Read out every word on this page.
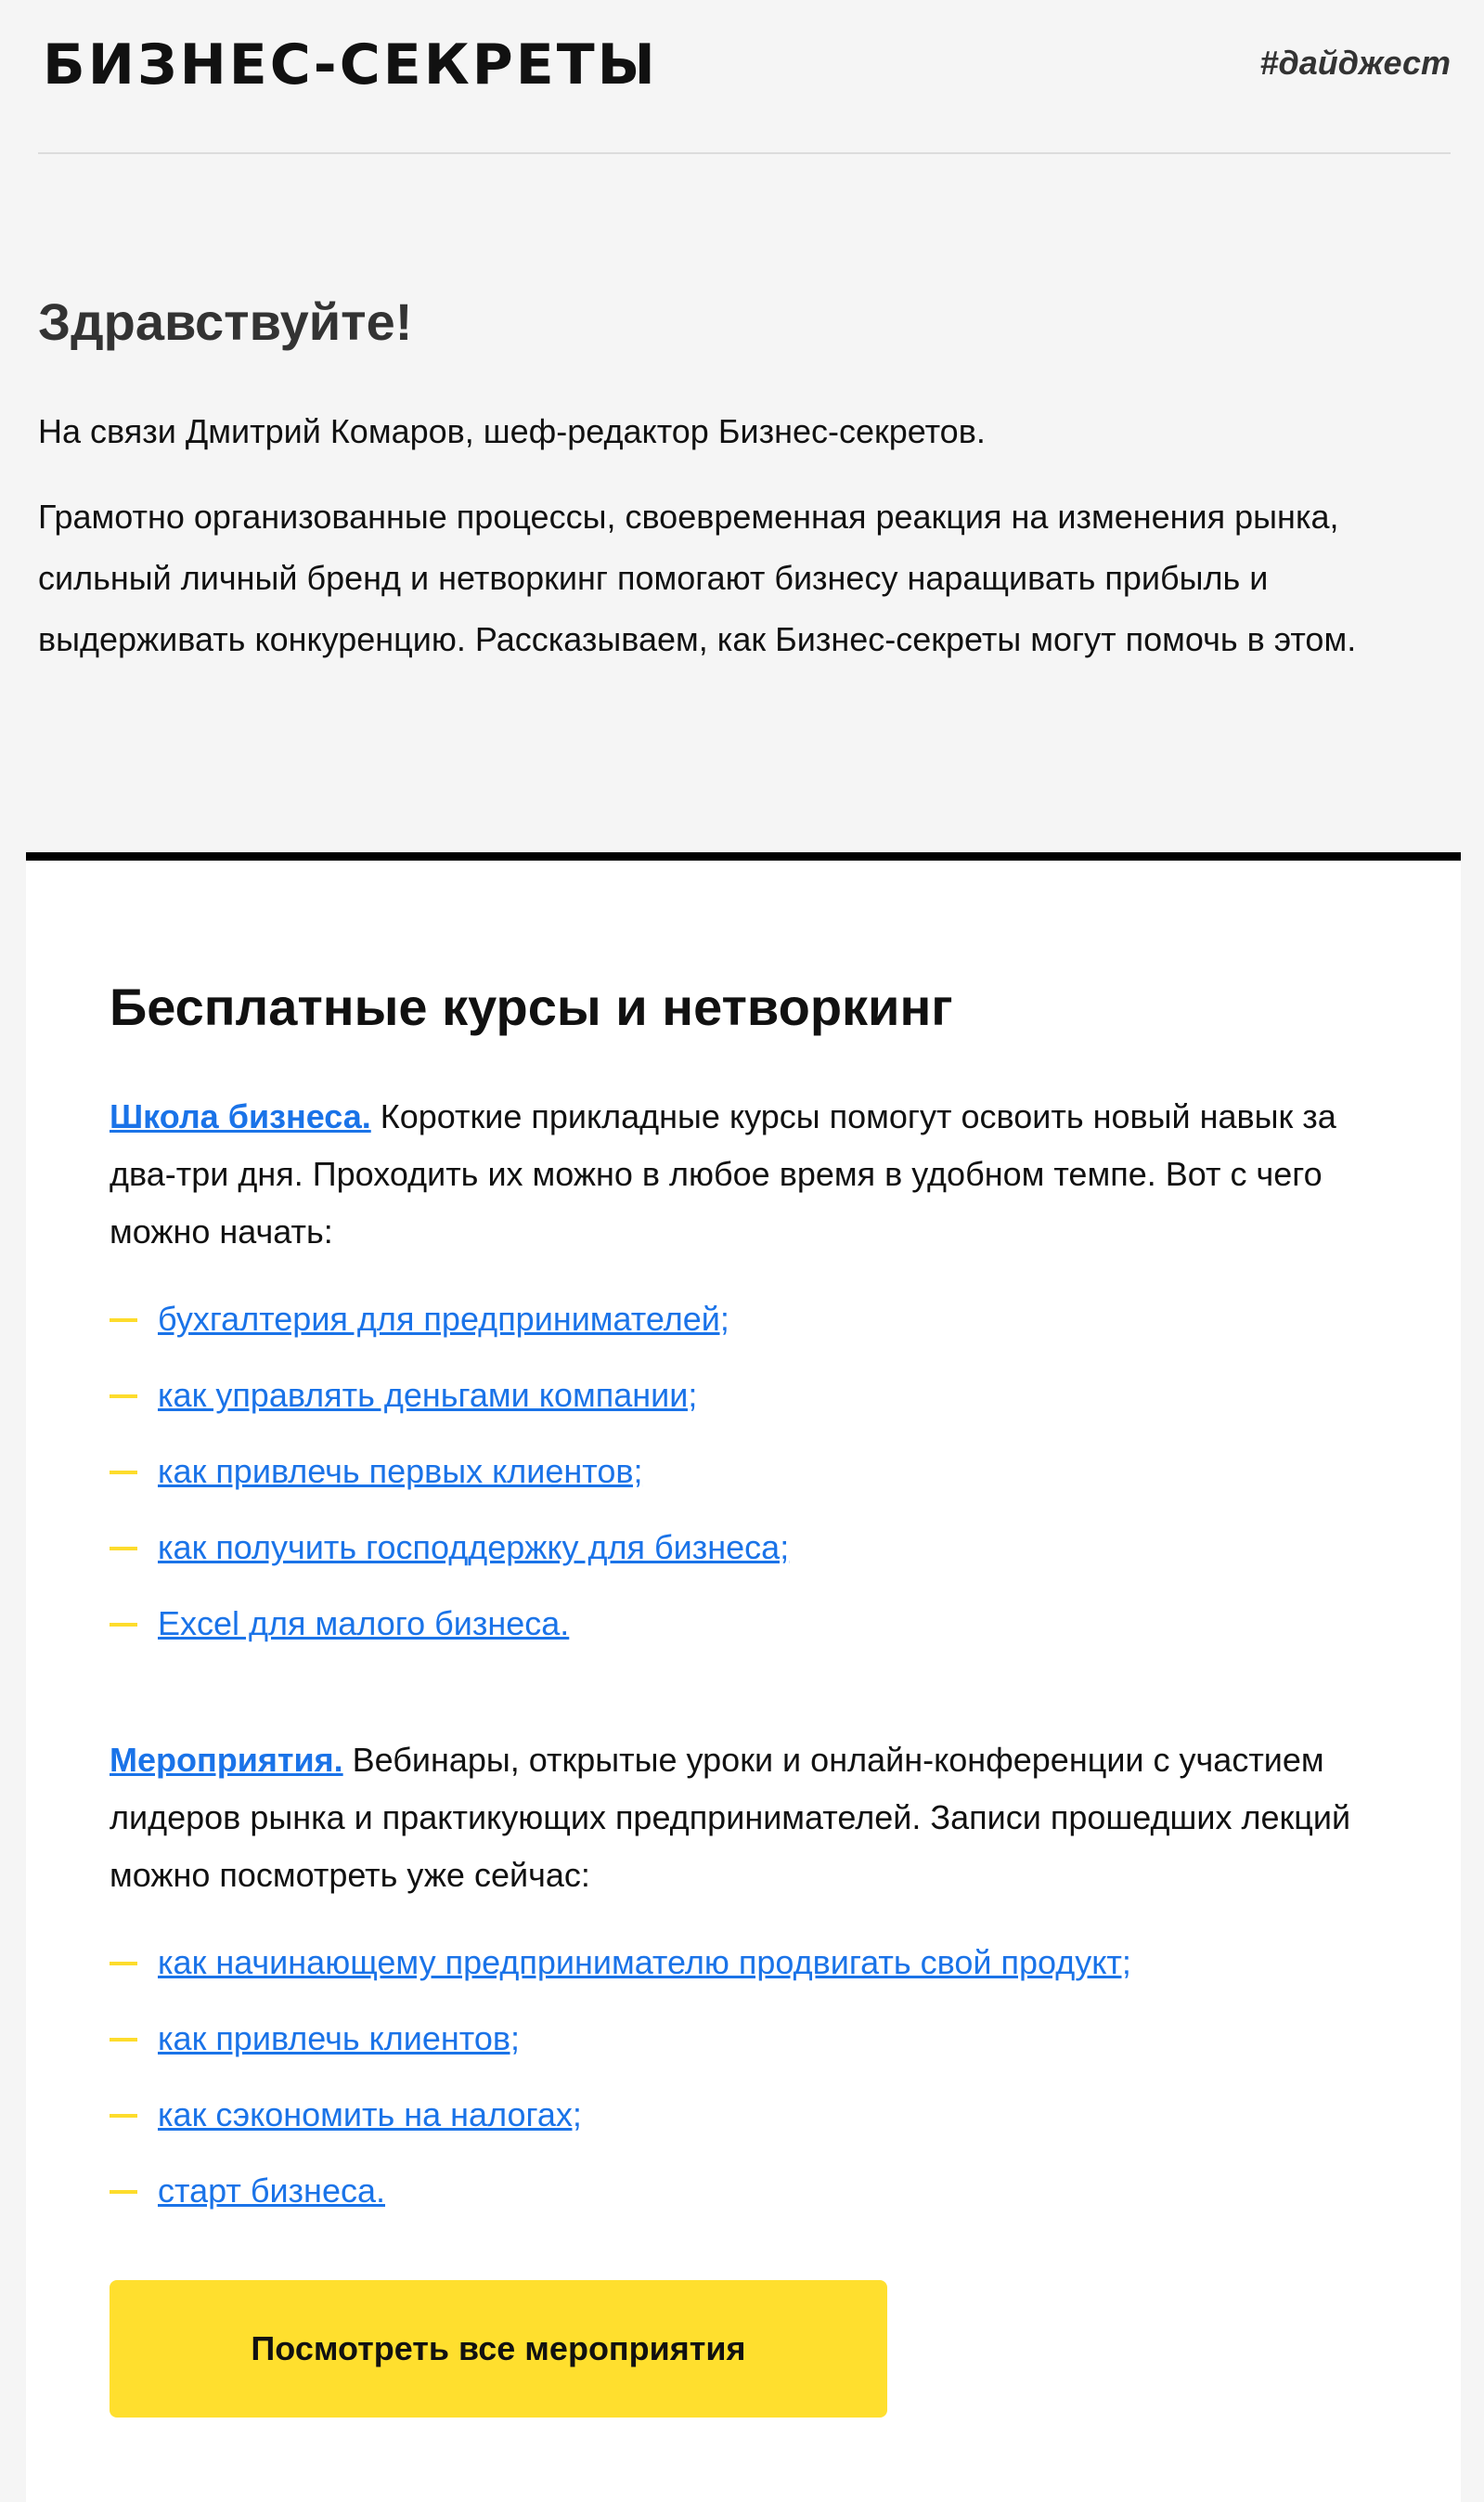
БИЗНЕС-СЕКРЕТЫ	#дайджест
Здравствуйте!

На связи Дмитрий Комаров, шеф-редактор Бизнес-секретов.

Грамотно организованные процессы, своевременная реакция на изменения рынка, сильный личный бренд и нетворкинг помогают бизнесу наращивать прибыль и выдерживать конкуренцию. Рассказываем, как Бизнес-секреты могут помочь в этом.

Бесплатные курсы и нетворкинг
Школа бизнеса. Короткие прикладные курсы помогут освоить новый навык за два-три дня. Проходить их можно в любое время в удобном темпе. Вот с чего можно начать:
бухгалтерия для предпринимателей;
как управлять деньгами компании;
как привлечь первых клиентов;
как получить господдержку для бизнеса;
Excel для малого бизнеса.
Мероприятия. Вебинары, открытые уроки и онлайн-конференции с участием лидеров рынка и практикующих предпринимателей. Записи прошедших лекций можно посмотреть уже сейчас:
как начинающему предпринимателю продвигать свой продукт;
как привлечь клиентов;
как сэкономить на налогах;
старт бизнеса.
Посмотреть все мероприятия
